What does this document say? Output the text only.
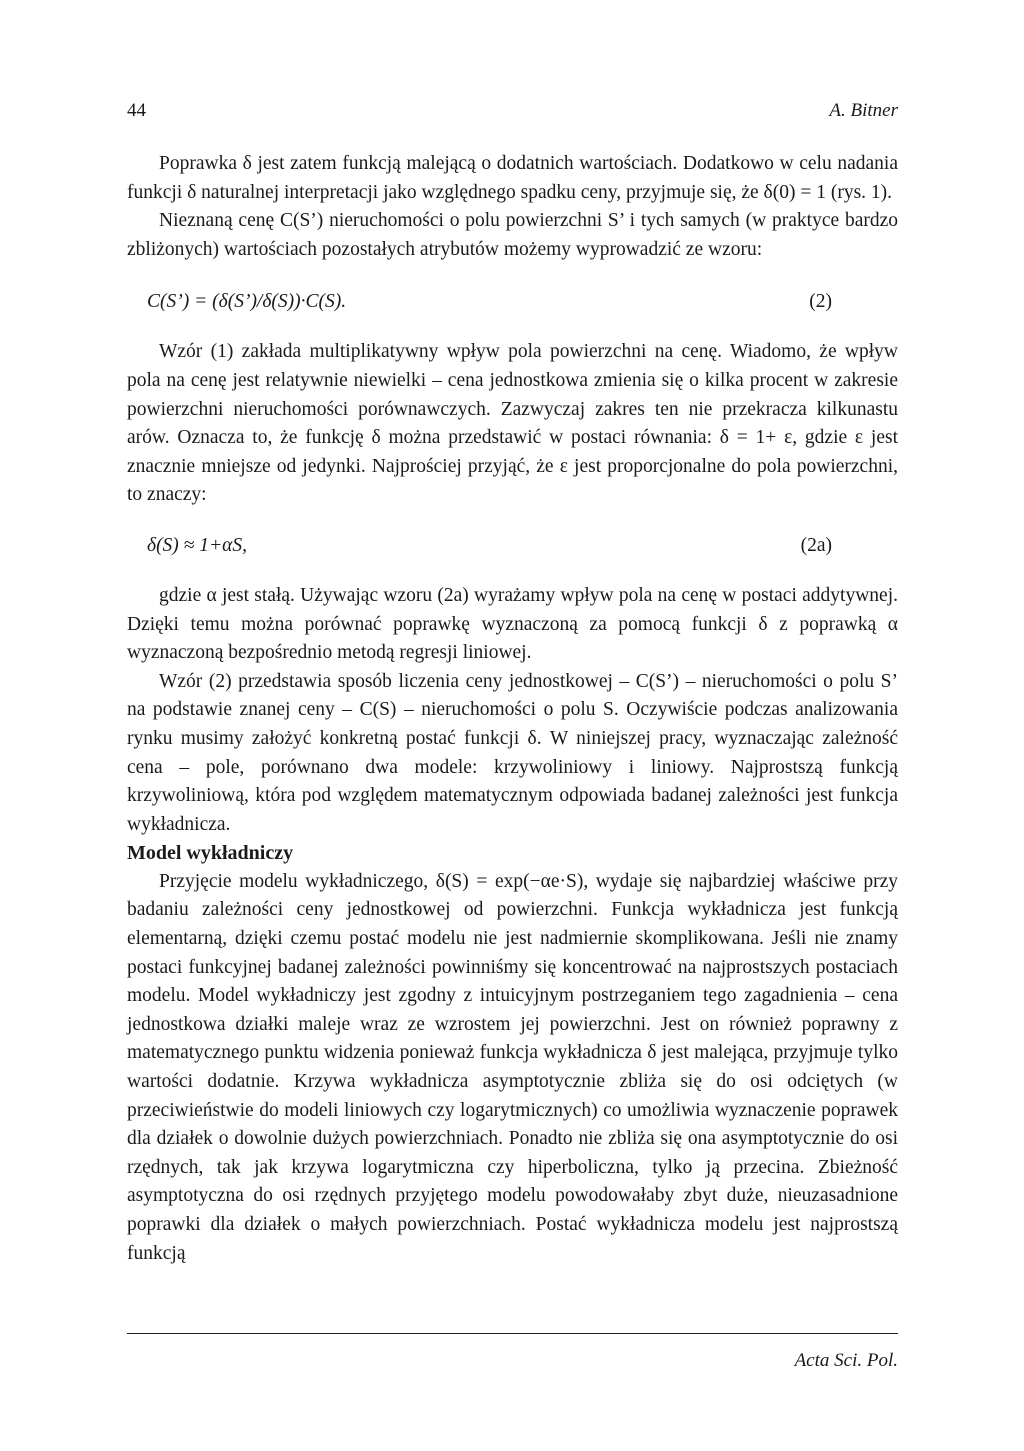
44	A. Bitner

Poprawka δ jest zatem funkcją malejącą o dodatnich wartościach. Dodatkowo w celu nadania funkcji δ naturalnej interpretacji jako względnego spadku ceny, przyjmuje się, że δ(0) = 1 (rys. 1).

Nieznaną cenę C(S’) nieruchomości o polu powierzchni S’ i tych samych (w praktyce bardzo zbliżonych) wartościach pozostałych atrybutów możemy wyprowadzić ze wzoru:

C(S’) = (δ(S’)/δ(S))·C(S).	(2)

Wzór (1) zakłada multiplikatywny wpływ pola powierzchni na cenę. Wiadomo, że wpływ pola na cenę jest relatywnie niewielki – cena jednostkowa zmienia się o kilka procent w zakresie powierzchni nieruchomości porównawczych. Zazwyczaj zakres ten nie przekracza kilkunastu arów. Oznacza to, że funkcję δ można przedstawić w postaci równania: δ = 1+ ε, gdzie ε jest znacznie mniejsze od jedynki. Najprościej przyjąć, że ε jest proporcjonalne do pola powierzchni, to znaczy:

δ(S) ≈ 1+αS,	(2a)

gdzie α jest stałą. Używając wzoru (2a) wyrażamy wpływ pola na cenę w postaci addytywnej. Dzięki temu można porównać poprawkę wyznaczoną za pomocą funkcji δ z poprawką α wyznaczoną bezpośrednio metodą regresji liniowej.

Wzór (2) przedstawia sposób liczenia ceny jednostkowej – C(S’) – nieruchomości o polu S’ na podstawie znanej ceny – C(S) – nieruchomości o polu S. Oczywiście podczas analizowania rynku musimy założyć konkretną postać funkcji δ. W niniejszej pracy, wyznaczając zależność cena – pole, porównano dwa modele: krzywoliniowy i liniowy. Najprostszą funkcją krzywoliniową, która pod względem matematycznym odpowiada badanej zależności jest funkcja wykładnicza.

Model wykładniczy

Przyjęcie modelu wykładniczego, δ(S) = exp(−αe·S), wydaje się najbardziej właściwe przy badaniu zależności ceny jednostkowej od powierzchni. Funkcja wykładnicza jest funkcją elementarną, dzięki czemu postać modelu nie jest nadmiernie skomplikowana. Jeśli nie znamy postaci funkcyjnej badanej zależności powinniśmy się koncentrować na najprostszych postaciach modelu. Model wykładniczy jest zgodny z intuicyjnym postrzeganiem tego zagadnienia – cena jednostkowa działki maleje wraz ze wzrostem jej powierzchni. Jest on również poprawny z matematycznego punktu widzenia ponieważ funkcja wykładnicza δ jest malejąca, przyjmuje tylko wartości dodatnie. Krzywa wykładnicza asymptotycznie zbliża się do osi odciętych (w przeciwieństwie do modeli liniowych czy logarytmicznych) co umożliwia wyznaczenie poprawek dla działek o dowolnie dużych powierzchniach. Ponadto nie zbliża się ona asymptotycznie do osi rzędnych, tak jak krzywa logarytmiczna czy hiperboliczna, tylko ją przecina. Zbieżność asymptotyczna do osi rzędnych przyjętego modelu powodowałaby zbyt duże, nieuzasadnione poprawki dla działek o małych powierzchniach. Postać wykładnicza modelu jest najprostszą funkcją

Acta Sci. Pol.
